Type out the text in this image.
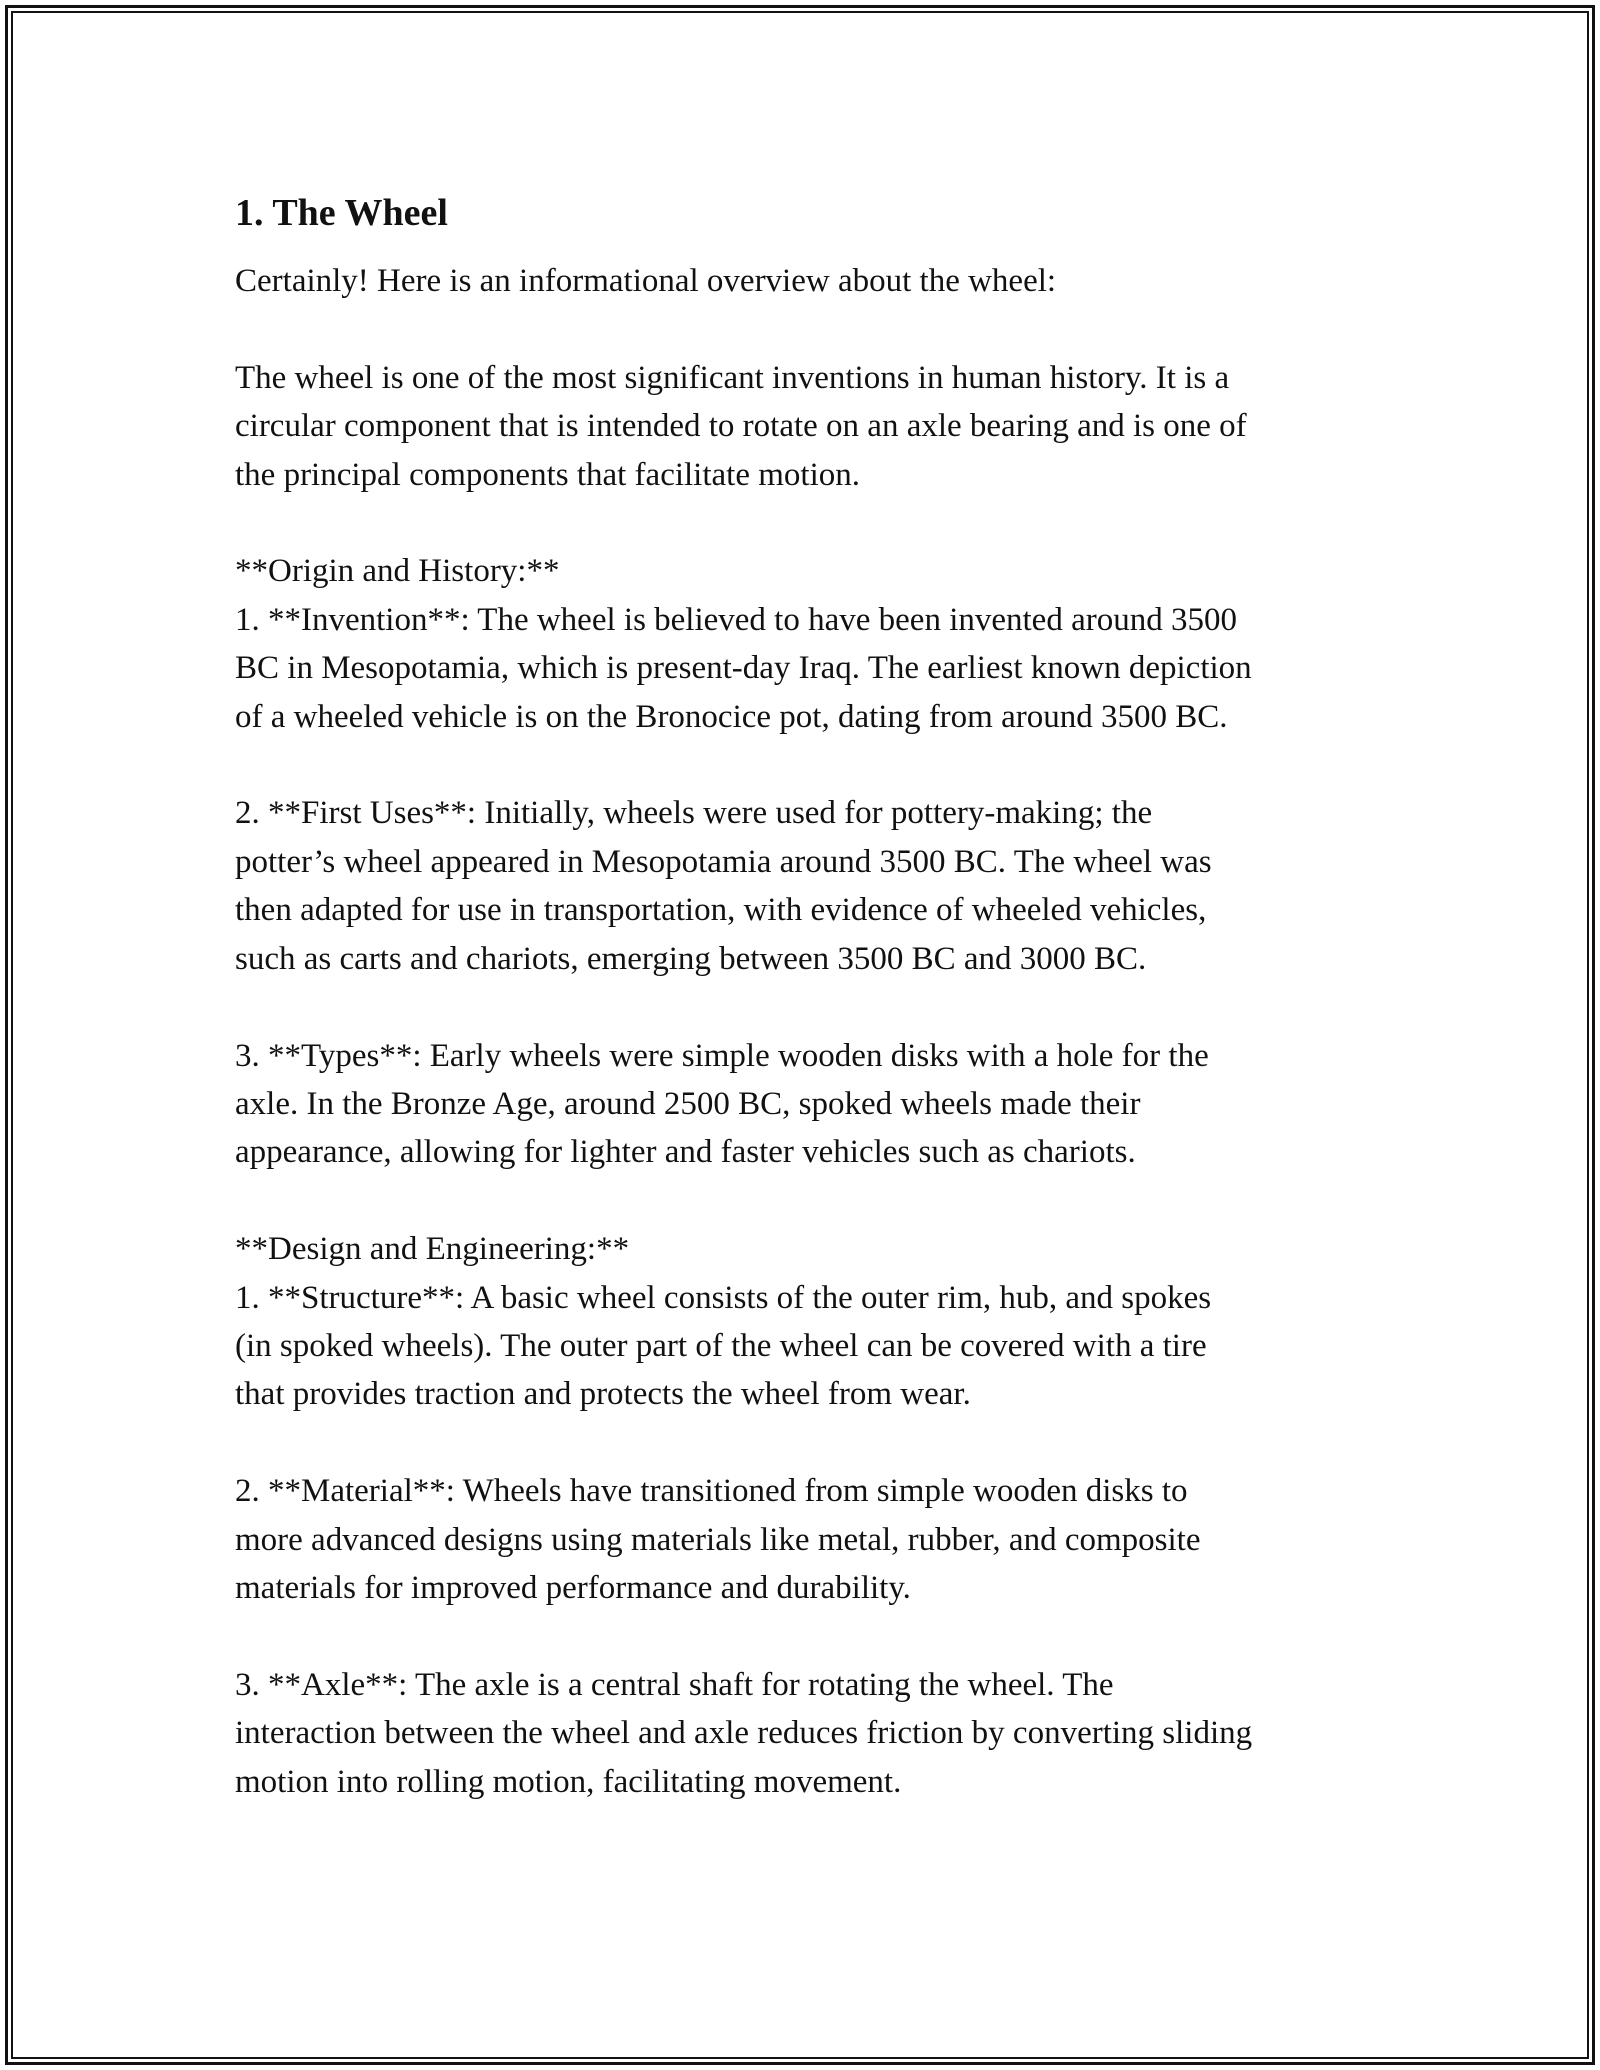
1. The Wheel

Certainly! Here is an informational overview about the wheel:

The wheel is one of the most significant inventions in human history. It is a
circular component that is intended to rotate on an axle bearing and is one of
the principal components that facilitate motion.

**Origin and History:**
1. **Invention**: The wheel is believed to have been invented around 3500
BC in Mesopotamia, which is present-day Iraq. The earliest known depiction
of a wheeled vehicle is on the Bronocice pot, dating from around 3500 BC.

2. **First Uses**: Initially, wheels were used for pottery-making; the
potter’s wheel appeared in Mesopotamia around 3500 BC. The wheel was
then adapted for use in transportation, with evidence of wheeled vehicles,
such as carts and chariots, emerging between 3500 BC and 3000 BC.

3. **Types**: Early wheels were simple wooden disks with a hole for the
axle. In the Bronze Age, around 2500 BC, spoked wheels made their
appearance, allowing for lighter and faster vehicles such as chariots.

**Design and Engineering:**
1. **Structure**: A basic wheel consists of the outer rim, hub, and spokes
(in spoked wheels). The outer part of the wheel can be covered with a tire
that provides traction and protects the wheel from wear.

2. **Material**: Wheels have transitioned from simple wooden disks to
more advanced designs using materials like metal, rubber, and composite
materials for improved performance and durability.

3. **Axle**: The axle is a central shaft for rotating the wheel. The
interaction between the wheel and axle reduces friction by converting sliding
motion into rolling motion, facilitating movement.
